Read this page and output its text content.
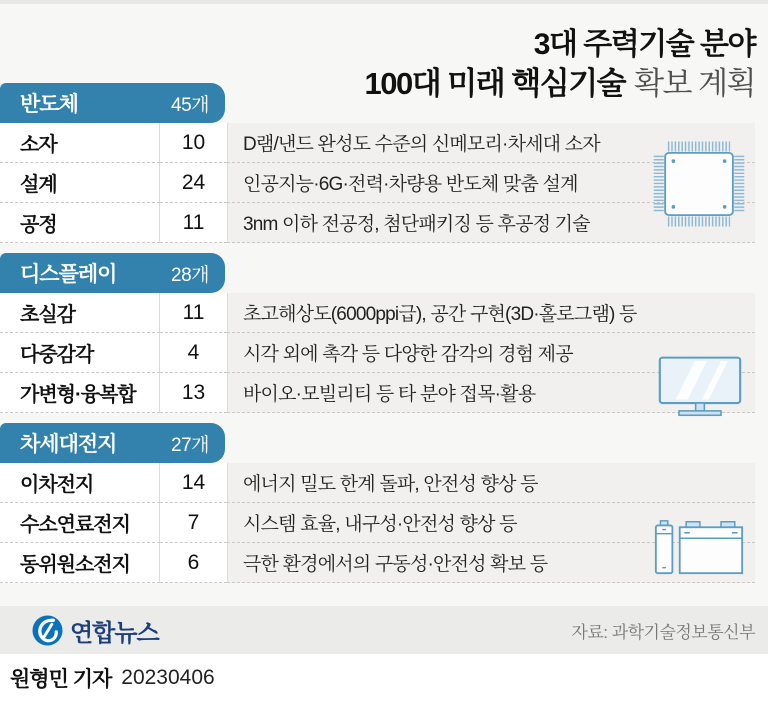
3대 주력기술 분야
100대 미래 핵심기술 확보 계획
반도체	45개
소자	10	D램/낸드 완성도 수준의 신메모리·차세대 소자
설계	24	인공지능·6G·전력·차량용 반도체 맞춤 설계
공정	11	3nm 이하 전공정, 첨단패키징 등 후공정 기술
디스플레이	28개
초실감	11	초고해상도(6000ppi급), 공간 구현(3D·홀로그램) 등
다중감각	4	시각 외에 촉각 등 다양한 감각의 경험 제공
가변형·융복합	13	바이오·모빌리티 등 타 분야 접목·활용
차세대전지	27개
이차전지	14	에너지 밀도 한계 돌파, 안전성 향상 등
수소연료전지	7	시스템 효율, 내구성·안전성 향상 등
동위원소전지	6	극한 환경에서의 구동성·안전성 확보 등
연합뉴스	자료: 과학기술정보통신부
원형민 기자 20230406
